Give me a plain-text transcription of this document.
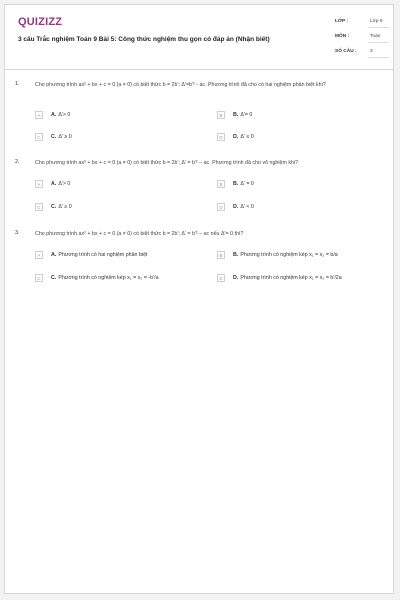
QUIZIZZ
3 câu Trắc nghiệm Toán 9 Bài 5: Công thức nghiệm thu gọn có đáp án (Nhận biết)
LỚP :	Lớp 9
MÔN :	Toán
SỐ CÂU :	3
1.	Cho phương trình ax² + bx + c = 0 (a ≠ 0) có biệt thức b = 2b'; Δ'=b'² - ac. Phương trình đã cho có hai nghiệm phân biệt khi?
A	A. Δ'> 0	B	B. Δ'= 0
C	C. Δ' ≥ 0	D	D. Δ' ≤ 0
2.	Cho phương trình ax² + bx + c = 0 (a ≠ 0) có biệt thức b = 2b'; Δ' = b'² – ac. Phương trình đã cho vô nghiệm khi?
A	A. Δ'> 0	B	B. Δ' = 0
C	C. Δ' ≥ 0	D	D. Δ' < 0
3.	Cho phương trình ax² + bx + c = 0 (a ≠ 0) có biệt thức b = 2b'; Δ' = b'² – ac nếu Δ'= 0 thì?
A	A. Phương trình có hai nghiệm phân biệt	B	B. Phương trình có nghiệm kép x₁ = x₂ = b/a
C	C. Phương trình có nghiệm kép x₁ = x₂ = -b'/a	D	D. Phương trình có nghiệm kép x₁ = x₂ = b'/2a
